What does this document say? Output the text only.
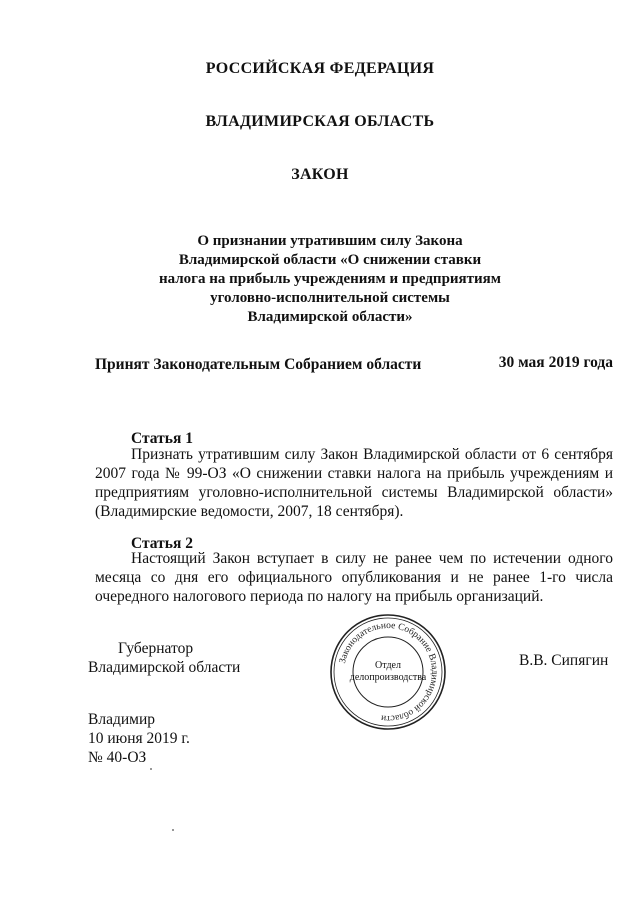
РОССИЙСКАЯ ФЕДЕРАЦИЯ
ВЛАДИМИРСКАЯ ОБЛАСТЬ
ЗАКОН
О признании утратившим силу Закона
Владимирской области «О снижении ставки
налога на прибыль учреждениям и предприятиям
уголовно-исполнительной системы
Владимирской области»
Принят Законодательным Собранием области	30 мая 2019 года
Статья 1

Признать утратившим силу Закон Владимирской области от 6 сентября 2007 года № 99-ОЗ «О снижении ставки налога на прибыль учреждениям и предприятиям уголовно-исполнительной системы Владимирской области» (Владимирские ведомости, 2007, 18 сентября).

Статья 2

Настоящий Закон вступает в силу не ранее чем по истечении одного месяца со дня его официального опубликования и не ранее 1-го числа очередного налогового периода по налогу на прибыль организаций.

Губернатор
Владимирской области	В.В. Сипягин
Законодательное Собрание Владимирской области
Отдел
делопроизводства
Владимир
10 июня 2019 г.
№ 40-ОЗ
